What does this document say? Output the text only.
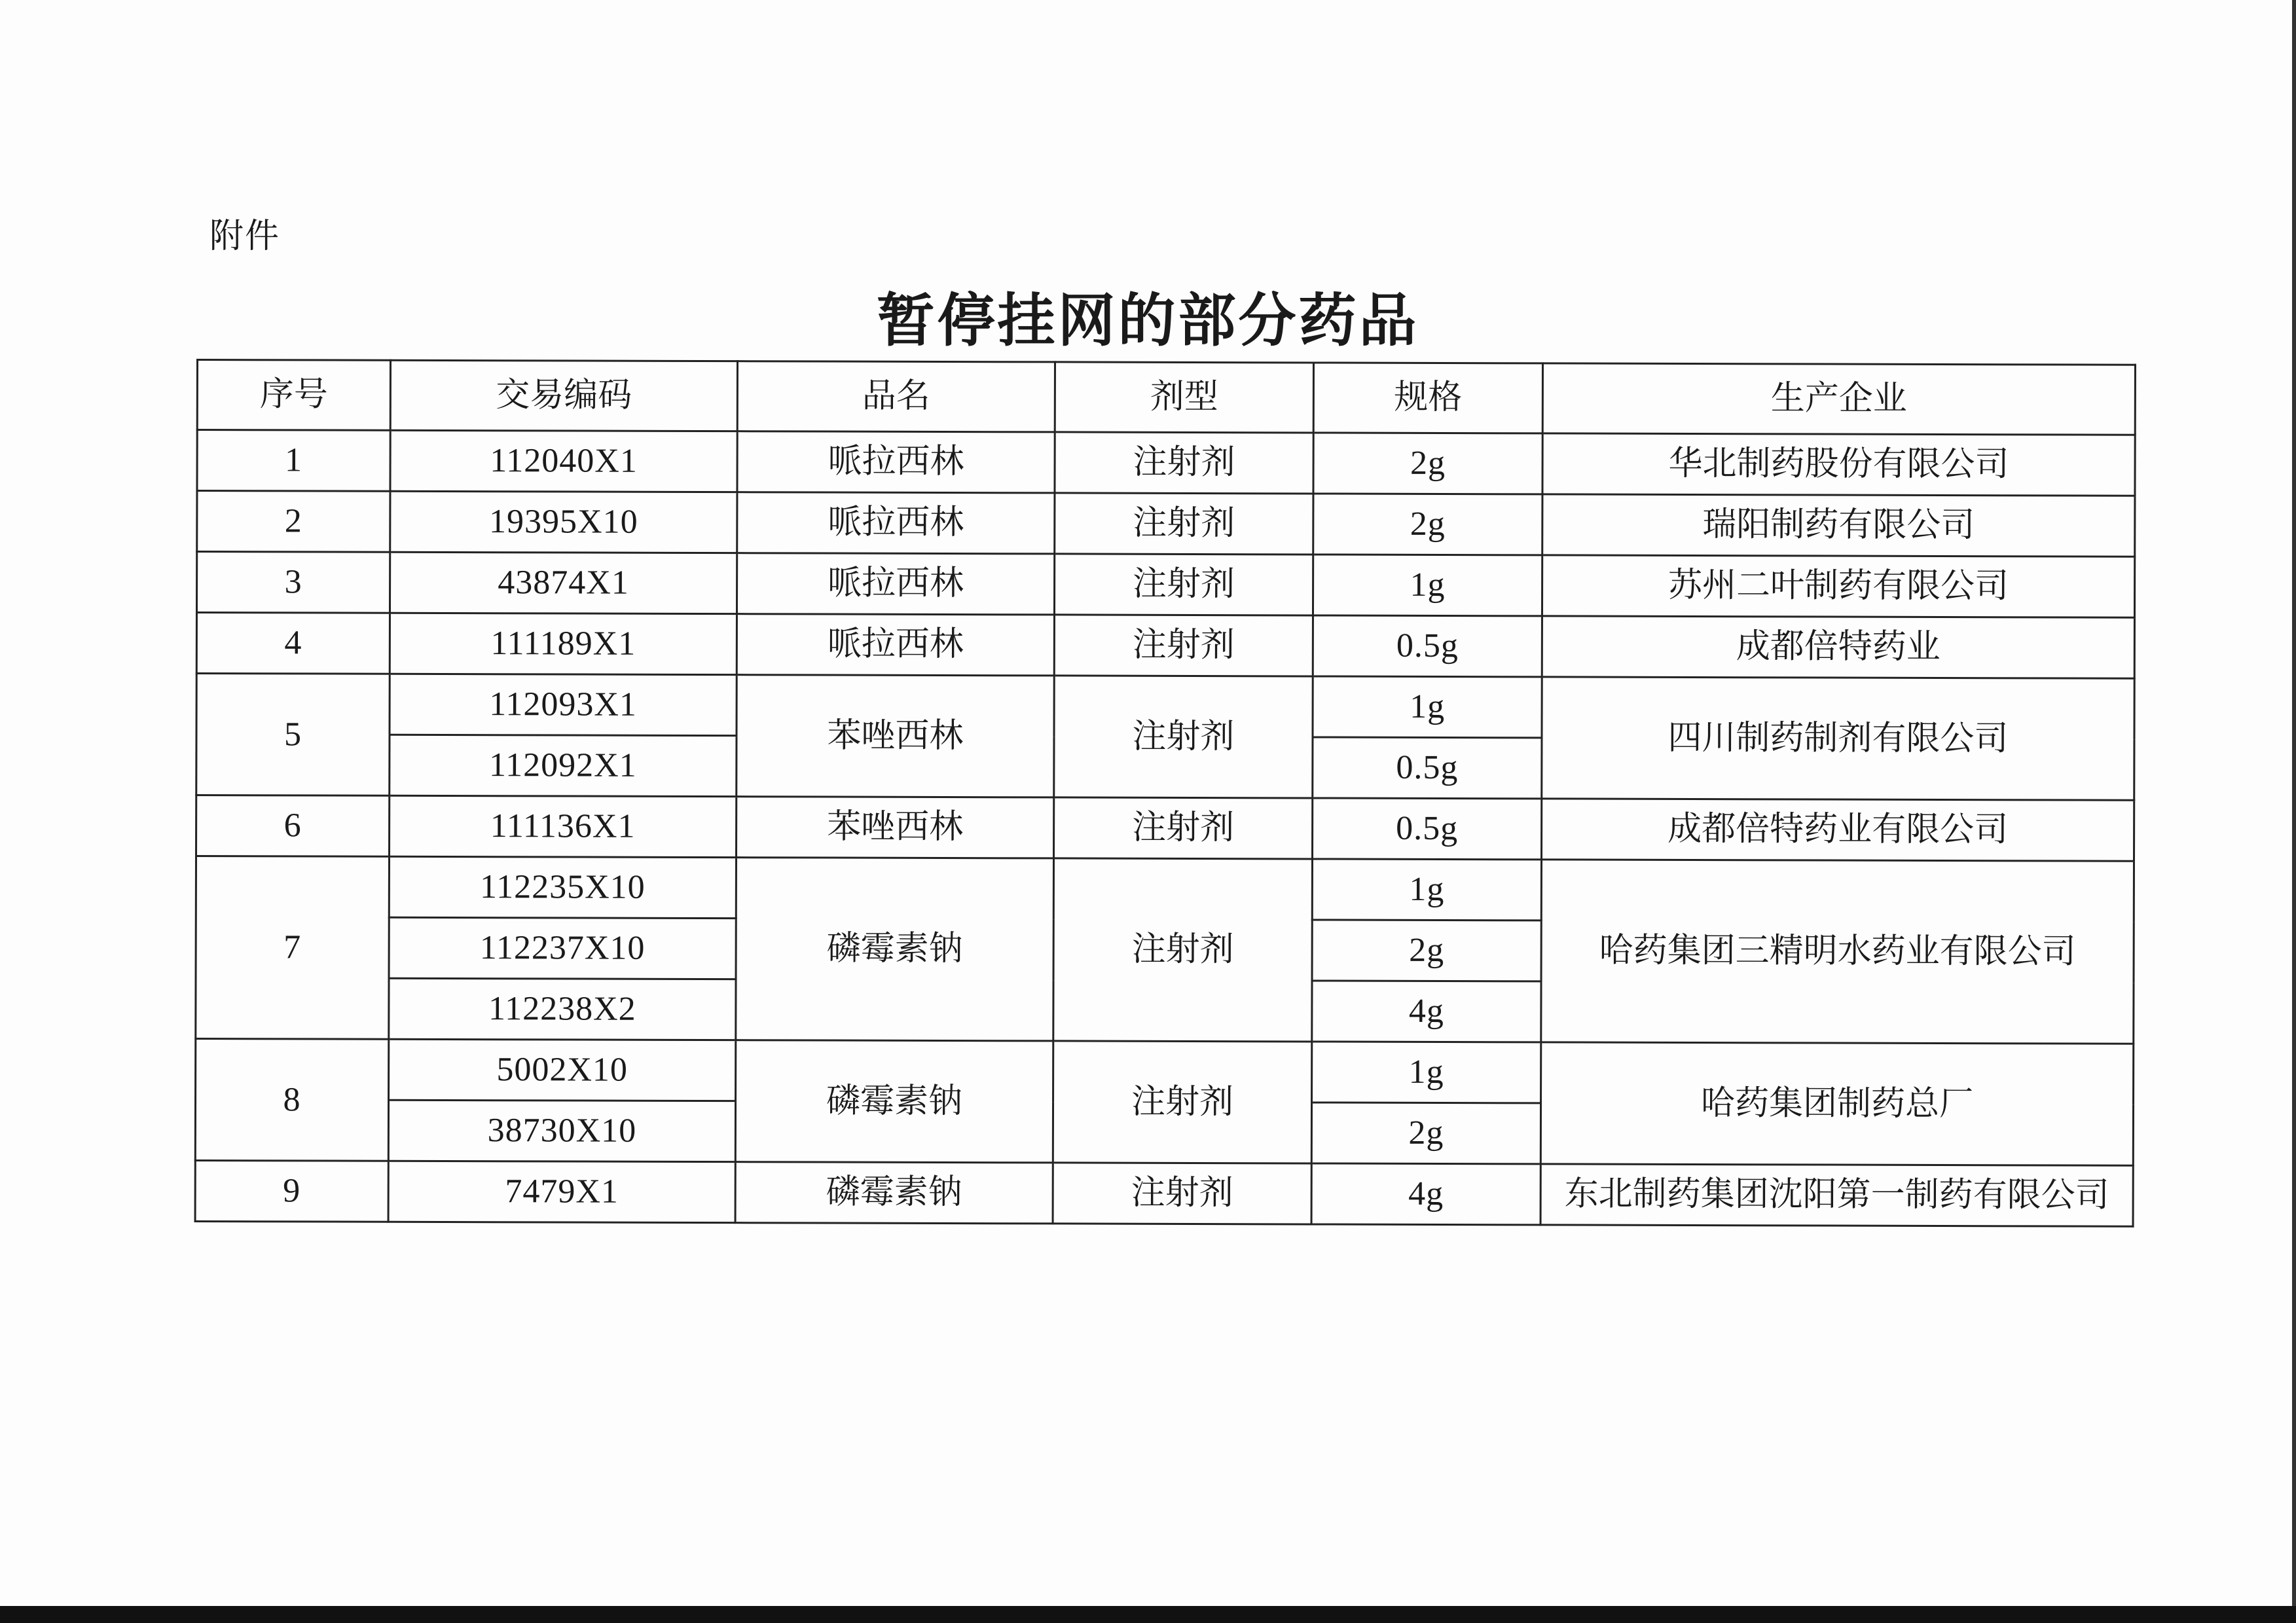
附件
暂停挂网的部分药品
序号	交易编码	品名	剂型	规格	生产企业
1	112040X1	哌拉西林	注射剂	2g	华北制药股份有限公司
2	19395X10	哌拉西林	注射剂	2g	瑞阳制药有限公司
3	43874X1	哌拉西林	注射剂	1g	苏州二叶制药有限公司
4	111189X1	哌拉西林	注射剂	0.5g	成都倍特药业
5	112093X1	苯唑西林	注射剂	1g	四川制药制剂有限公司
	112092X1			0.5g	
6	111136X1	苯唑西林	注射剂	0.5g	成都倍特药业有限公司
7	112235X10	磷霉素钠	注射剂	1g	哈药集团三精明水药业有限公司
	112237X10			2g	
	112238X2			4g	
8	5002X10	磷霉素钠	注射剂	1g	哈药集团制药总厂
	38730X10			2g	
9	7479X1	磷霉素钠	注射剂	4g	东北制药集团沈阳第一制药有限公司
